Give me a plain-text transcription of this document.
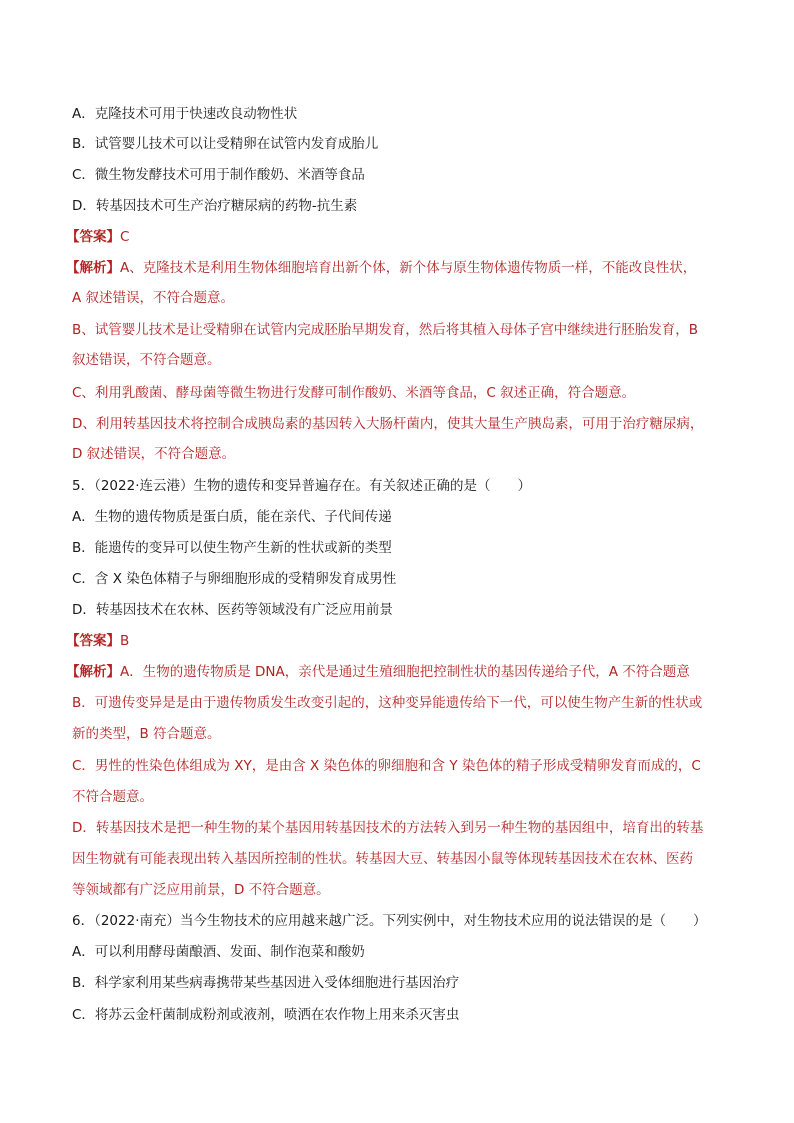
A．克隆技术可用于快速改良动物性状
B．试管婴儿技术可以让受精卵在试管内发育成胎儿
C．微生物发酵技术可用于制作酸奶、米酒等食品
D．转基因技术可生产治疗糖尿病的药物-抗生素
【答案】C
【解析】A、克隆技术是利用生物体细胞培育出新个体，新个体与原生物体遗传物质一样，不能改良性状，
A 叙述错误，不符合题意。
B、试管婴儿技术是让受精卵在试管内完成胚胎早期发育，然后将其植入母体子宫中继续进行胚胎发育，B
叙述错误，不符合题意。
C、利用乳酸菌、酵母菌等微生物进行发酵可制作酸奶、米酒等食品，C 叙述正确，符合题意。
D、利用转基因技术将控制合成胰岛素的基因转入大肠杆菌内，使其大量生产胰岛素，可用于治疗糖尿病，
D 叙述错误，不符合题意。
5．（2022·连云港）生物的遗传和变异普遍存在。有关叙述正确的是（　　）
A．生物的遗传物质是蛋白质，能在亲代、子代间传递
B．能遗传的变异可以使生物产生新的性状或新的类型
C．含 X 染色体精子与卵细胞形成的受精卵发育成男性
D．转基因技术在农林、医药等领域没有广泛应用前景
【答案】B
【解析】A．生物的遗传物质是 DNA，亲代是通过生殖细胞把控制性状的基因传递给子代，A 不符合题意
B．可遗传变异是是由于遗传物质发生改变引起的，这种变异能遗传给下一代，可以使生物产生新的性状或
新的类型，B 符合题意。
C．男性的性染色体组成为 XY，是由含 X 染色体的卵细胞和含 Y 染色体的精子形成受精卵发育而成的，C
不符合题意。
D．转基因技术是把一种生物的某个基因用转基因技术的方法转入到另一种生物的基因组中，培育出的转基
因生物就有可能表现出转入基因所控制的性状。转基因大豆、转基因小鼠等体现转基因技术在农林、医药
等领域都有广泛应用前景，D 不符合题意。
6．（2022·南充）当今生物技术的应用越来越广泛。下列实例中，对生物技术应用的说法错误的是（　　）
A．可以利用酵母菌酿酒、发面、制作泡菜和酸奶
B．科学家利用某些病毒携带某些基因进入受体细胞进行基因治疗
C．将苏云金杆菌制成粉剂或液剂，喷洒在农作物上用来杀灭害虫
